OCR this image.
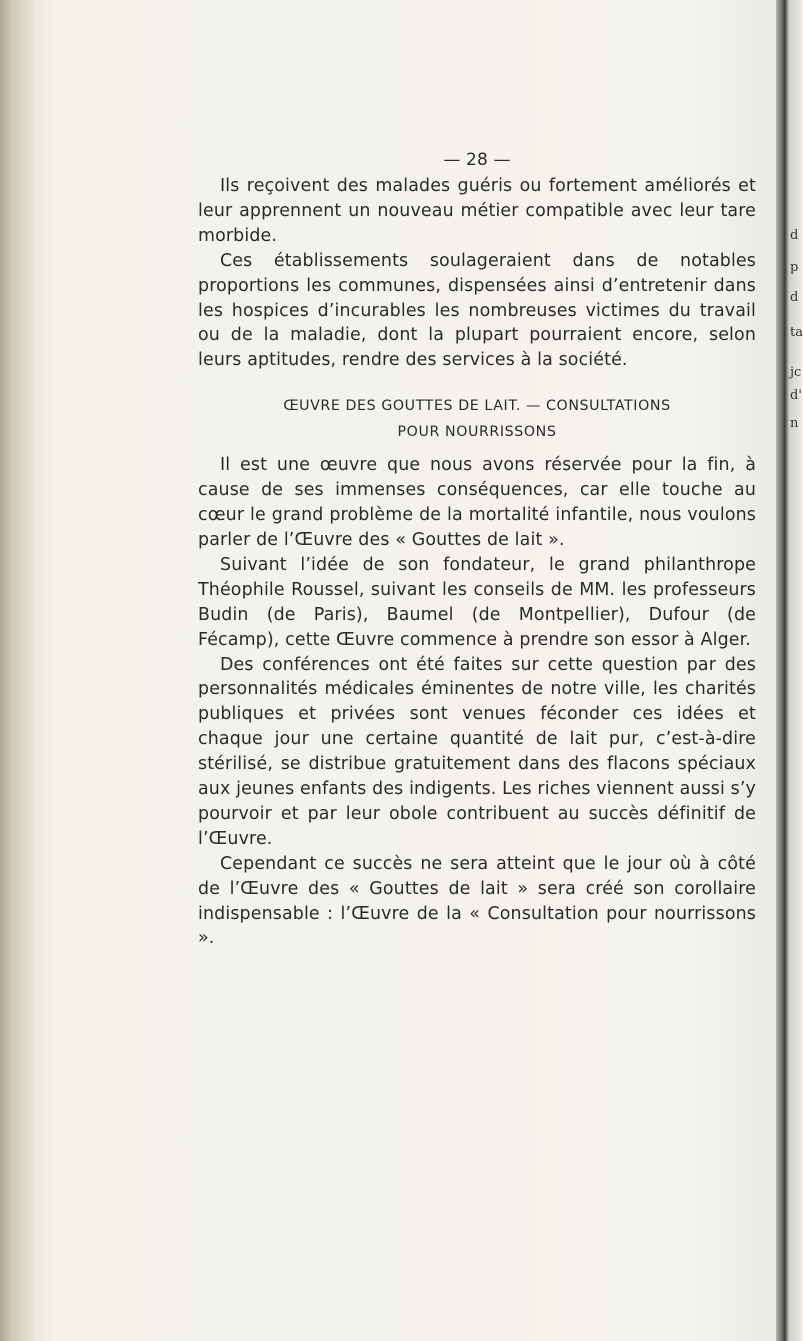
d
p
d
ta
jc
d'
n
— 28 —

Ils reçoivent des malades guéris ou fortement améliorés et leur apprennent un nouveau métier compatible avec leur tare morbide.

Ces établissements soulageraient dans de notables proportions les communes, dispensées ainsi d’entretenir dans les hospices d’incurables les nombreuses victimes du travail ou de la maladie, dont la plupart pourraient encore, selon leurs aptitudes, rendre des services à la société.

ŒUVRE DES GOUTTES DE LAIT. — CONSULTATIONS
POUR NOURRISSONS

Il est une œuvre que nous avons réservée pour la fin, à cause de ses immenses conséquences, car elle touche au cœur le grand problème de la mortalité infantile, nous voulons parler de l’Œuvre des « Gouttes de lait ».

Suivant l’idée de son fondateur, le grand philanthrope Théophile Roussel, suivant les conseils de MM. les professeurs Budin (de Paris), Baumel (de Montpellier), Dufour (de Fécamp), cette Œuvre commence à prendre son essor à Alger.

Des conférences ont été faites sur cette question par des personnalités médicales éminentes de notre ville, les charités publiques et privées sont venues féconder ces idées et chaque jour une certaine quantité de lait pur, c’est-à-dire stérilisé, se distribue gratuitement dans des flacons spéciaux aux jeunes enfants des indigents. Les riches viennent aussi s’y pourvoir et par leur obole contribuent au succès définitif de l’Œuvre.

Cependant ce succès ne sera atteint que le jour où à côté de l’Œuvre des « Gouttes de lait » sera créé son corollaire indispensable : l’Œuvre de la « Consultation pour nourrissons ».
